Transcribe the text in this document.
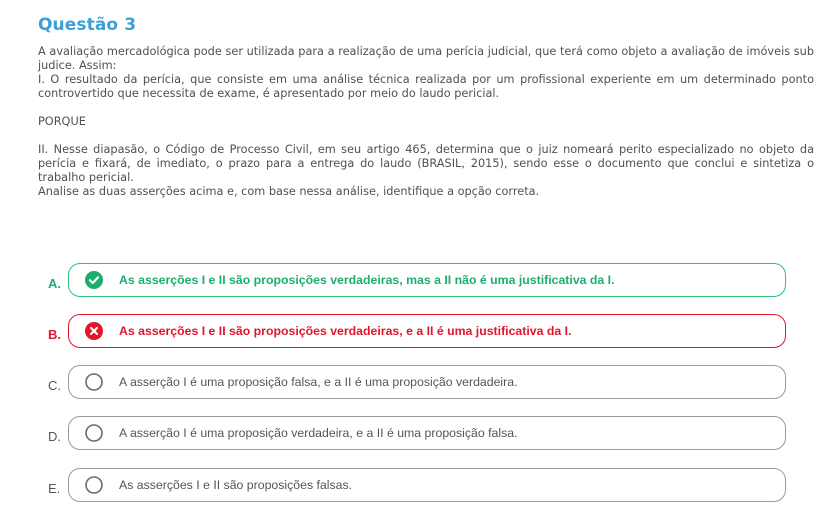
Questão 3

A avaliação mercadológica pode ser utilizada para a realização de uma perícia judicial, que terá como objeto a avaliação de imóveis sub judice. Assim:

I. O resultado da perícia, que consiste em uma análise técnica realizada por um profissional experiente em um determinado ponto controvertido que necessita de exame, é apresentado por meio do laudo pericial.

PORQUE

II. Nesse diapasão, o Código de Processo Civil, em seu artigo 465, determina que o juiz nomeará perito especializado no objeto da perícia e fixará, de imediato, o prazo para a entrega do laudo (BRASIL, 2015), sendo esse o documento que conclui e sintetiza o trabalho pericial.

Analise as duas asserções acima e, com base nessa análise, identifique a opção correta.

A.	As asserções I e II são proposições verdadeiras, mas a II não é uma justificativa da I.
B.	As asserções I e II são proposições verdadeiras, e a II é uma justificativa da I.
C.	A asserção I é uma proposição falsa, e a II é uma proposição verdadeira.
D.	A asserção I é uma proposição verdadeira, e a II é uma proposição falsa.
E.	As asserções I e II são proposições falsas.
